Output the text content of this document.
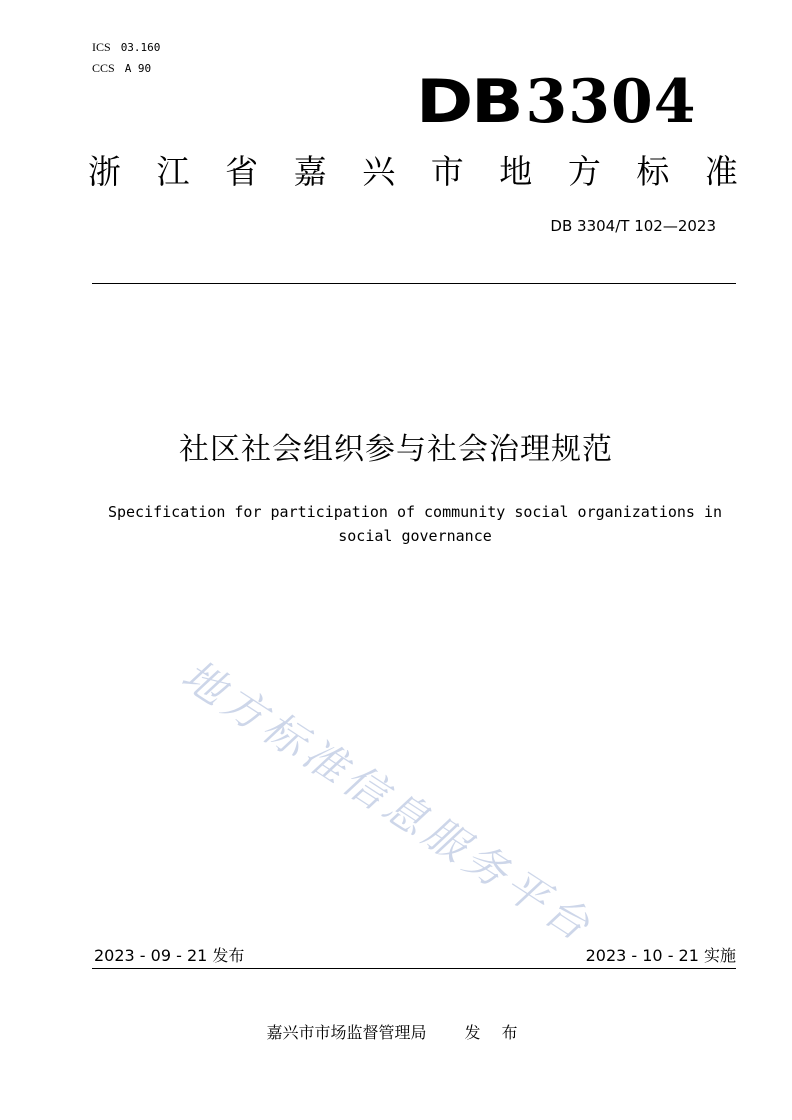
ICS 03.160
CCS A 90	DB 3304
浙 江 省 嘉 兴 市 地 方 标 准
DB 3304/T 102—2023
社区社会组织参与社会治理规范
Specification for participation of community social organizations in
social governance
地方标准信息服务平台
2023 - 09 - 21 发布	2023 - 10 - 21 实施
嘉兴市市场监督管理局 发 布
